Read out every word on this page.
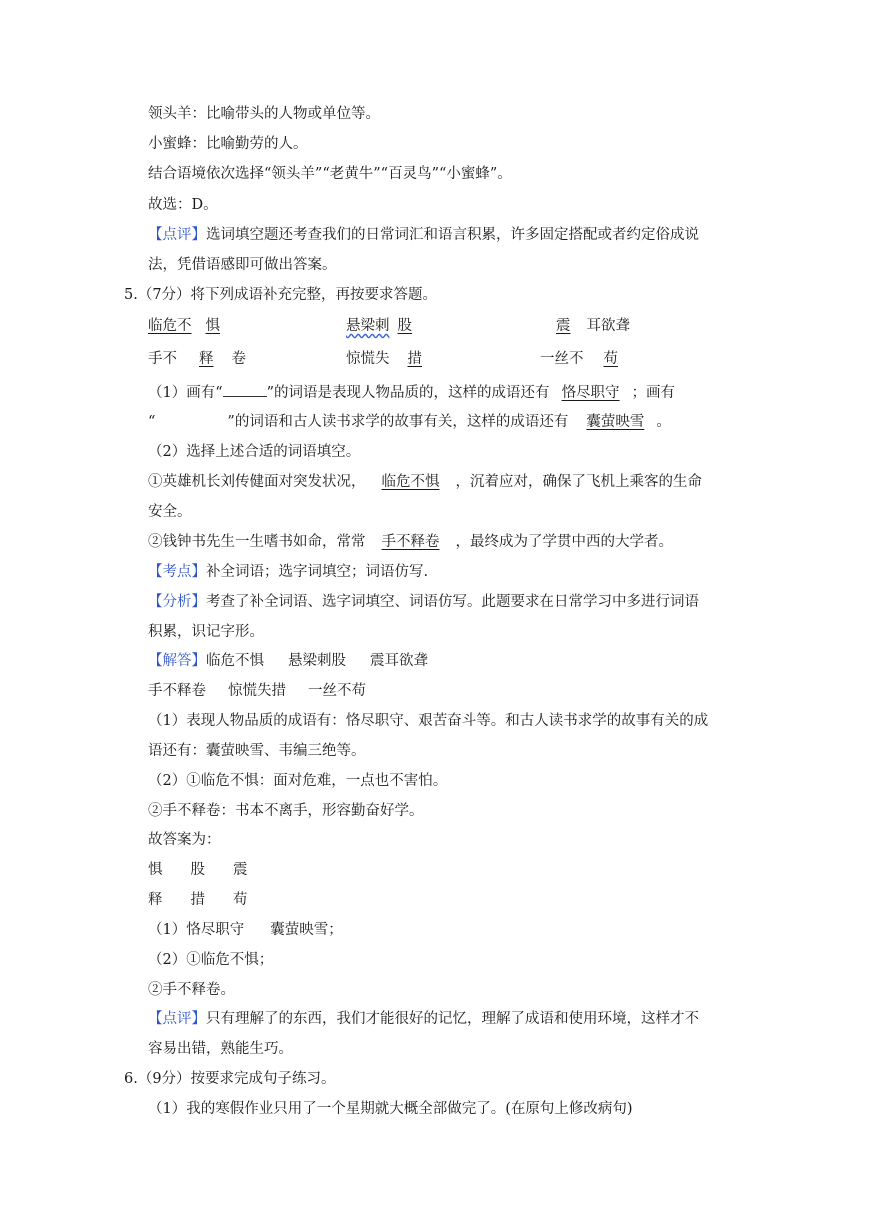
领头羊：比喻带头的人物或单位等。
小蜜蜂：比喻勤劳的人。
结合语境依次选择“领头羊”“老黄牛”“百灵鸟”“小蜜蜂”。
故选：D。
【点评】选词填空题还考查我们的日常词汇和语言积累，许多固定搭配或者约定俗成说
法，凭借语感即可做出答案。
5.（7分）将下列成语补充完整，再按要求答题。
临危不 惧	悬梁刺 股	震 耳欲聋
手不 释 卷	惊慌失 措	一丝不 苟
（1）画有“	”的词语是表现人物品质的，这样的成语还有 恪尽职守 ；画有
“	”的词语和古人读书求学的故事有关，这样的成语还有 囊萤映雪 。
（2）选择上述合适的词语填空。
①英雄机长刘传健面对突发状况， 临危不惧 ，沉着应对，确保了飞机上乘客的生命
安全。
②钱钟书先生一生嗜书如命，常常 手不释卷 ，最终成为了学贯中西的大学者。
【考点】补全词语；选字词填空；词语仿写.
【分析】考查了补全词语、选字词填空、词语仿写。此题要求在日常学习中多进行词语
积累，识记字形。
【解答】临危不惧 悬梁刺股 震耳欲聋
手不释卷 惊慌失措 一丝不苟
（1）表现人物品质的成语有：恪尽职守、艰苦奋斗等。和古人读书求学的故事有关的成
语还有：囊萤映雪、韦编三绝等。
（2）①临危不惧：面对危难，一点也不害怕。
②手不释卷：书本不离手，形容勤奋好学。
故答案为：
惧 股 震
释 措 苟
（1）恪尽职守 囊萤映雪；
（2）①临危不惧；
②手不释卷。
【点评】只有理解了的东西，我们才能很好的记忆，理解了成语和使用环境，这样才不
容易出错，熟能生巧。
6.（9分）按要求完成句子练习。
（1）我的寒假作业只用了一个星期就大概全部做完了。(在原句上修改病句)
